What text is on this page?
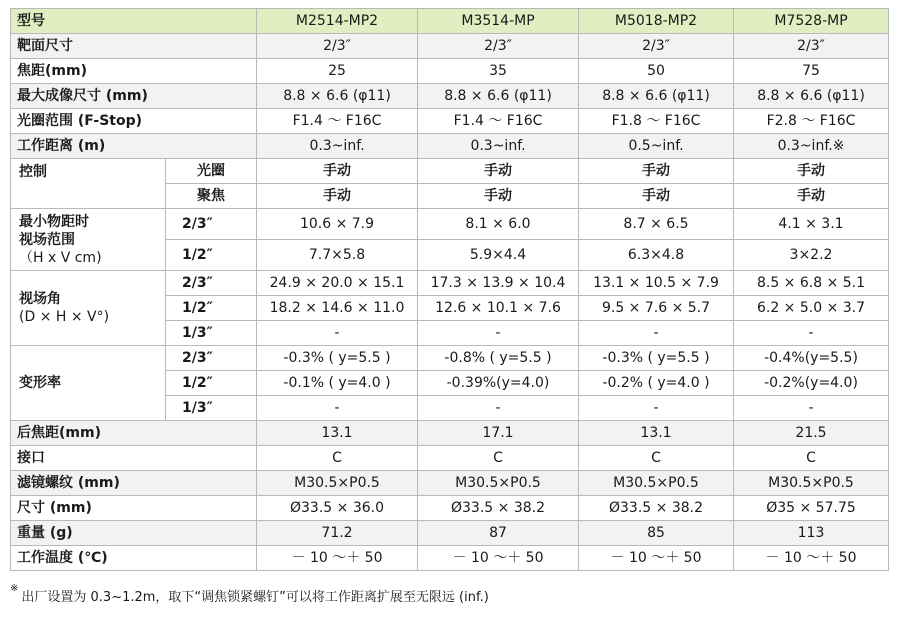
型号		M2514-MP2	M3514-MP	M5018-MP2	M7528-MP
靶面尺寸		2/3″	2/3″	2/3″	2/3″
焦距(mm)		25	35	50	75
最大成像尺寸 (mm)		8.8 × 6.6 (φ11)	8.8 × 6.6 (φ11)	8.8 × 6.6 (φ11)	8.8 × 6.6 (φ11)
光圈范围 (F-Stop)		F1.4 ～ F16C	F1.4 ～ F16C	F1.8 ～ F16C	F2.8 ～ F16C
工作距离 (m)		0.3~inf.	0.3~inf.	0.5~inf.	0.3~inf.※
控制	光圈	手动	手动	手动	手动
	聚焦	手动	手动	手动	手动

最小物距时
视场范围
（H x V cm)	2/3″	10.6 × 7.9	8.1 × 6.0	8.7 × 6.5	4.1 × 3.1
	1/2″	7.7×5.8	5.9×4.4	6.3×4.8	3×2.2

视场角
(D × H × V°)	2/3″	24.9 × 20.0 × 15.1	17.3 × 13.9 × 10.4	13.1 × 10.5 × 7.9	8.5 × 6.8 × 5.1
	1/2″	18.2 × 14.6 × 11.0	12.6 × 10.1 × 7.6	9.5 × 7.6 × 5.7	6.2 × 5.0 × 3.7
	1/3″	-	-	-	-
变形率	2/3″	-0.3% ( y=5.5 )	-0.8% ( y=5.5 )	-0.3% ( y=5.5 )	-0.4%(y=5.5)
	1/2″	-0.1% ( y=4.0 )	-0.39%(y=4.0)	-0.2% ( y=4.0 )	-0.2%(y=4.0)
	1/3″	-	-	-	-
后焦距(mm)		13.1	17.1	13.1	21.5
接口		C	C	C	C
滤镜螺纹 (mm)		M30.5×P0.5	M30.5×P0.5	M30.5×P0.5	M30.5×P0.5
尺寸 (mm)		Ø33.5 × 36.0	Ø33.5 × 38.2	Ø33.5 × 38.2	Ø35 × 57.75
重量 (g)		71.2	87	85	113
工作温度 (℃)		－ 10 ～＋ 50	－ 10 ～＋ 50	－ 10 ～＋ 50	－ 10 ～＋ 50
※出厂设置为 0.3~1.2m，取下“调焦锁紧螺钉”可以将工作距离扩展至无限远 (inf.)
